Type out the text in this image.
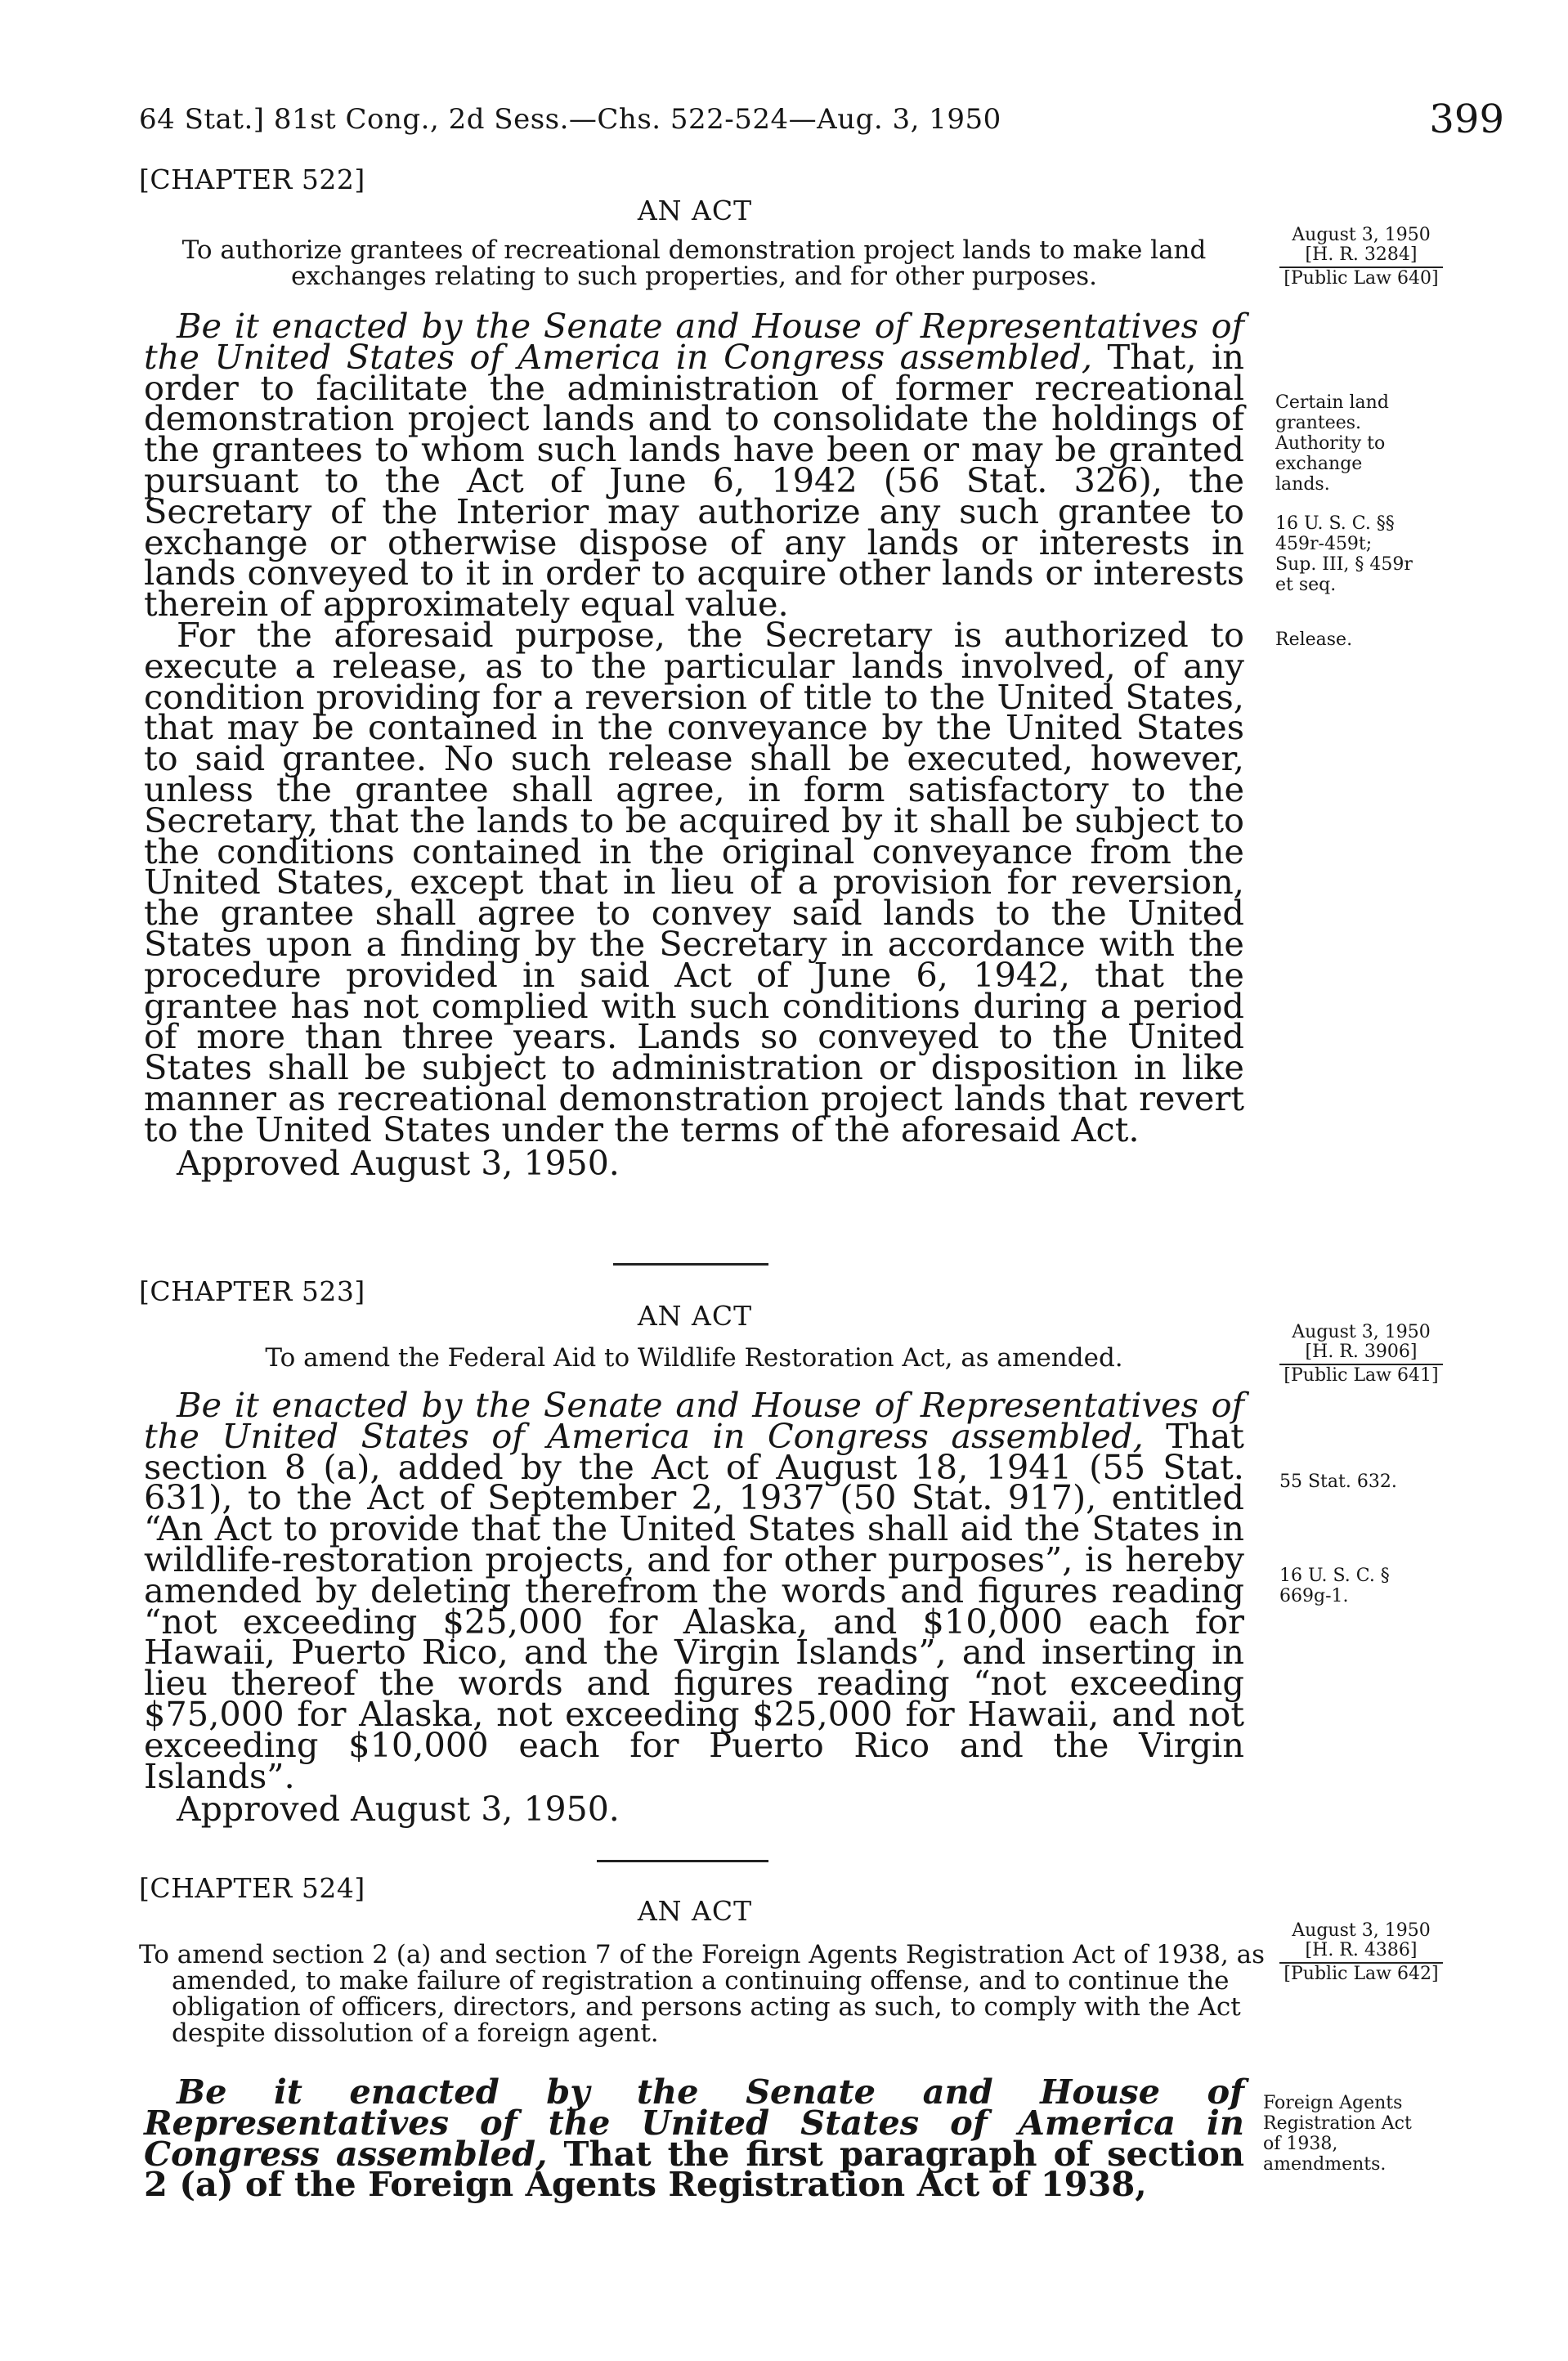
64 Stat.] 81st Cong., 2d Sess.—Chs. 522-524—Aug. 3, 1950	399
[CHAPTER 522]
AN ACT
To authorize grantees of recreational demonstration project lands to make land exchanges relating to such properties, and for other purposes.
August 3, 1950
[H. R. 3284]
[Public Law 640]

Be it enacted by the Senate and House of Representatives of the United States of America in Congress assembled, That, in order to facilitate the administration of former recreational demonstration project lands and to consolidate the holdings of the grantees to whom such lands have been or may be granted pursuant to the Act of June 6, 1942 (56 Stat. 326), the Secretary of the Interior may authorize any such grantee to exchange or otherwise dispose of any lands or interests in lands conveyed to it in order to acquire other lands or interests therein of approximately equal value.

For the aforesaid purpose, the Secretary is authorized to execute a release, as to the particular lands involved, of any condition providing for a reversion of title to the United States, that may be contained in the conveyance by the United States to said grantee. No such release shall be executed, however, unless the grantee shall agree, in form satisfactory to the Secretary, that the lands to be acquired by it shall be subject to the conditions contained in the original conveyance from the United States, except that in lieu of a provision for reversion, the grantee shall agree to convey said lands to the United States upon a finding by the Secretary in accordance with the procedure provided in said Act of June 6, 1942, that the grantee has not complied with such conditions during a period of more than three years. Lands so conveyed to the United States shall be subject to administration or disposition in like manner as recreational demonstration project lands that revert to the United States under the terms of the aforesaid Act.

Approved August 3, 1950.
Certain land grantees.
Authority to exchange lands.
16 U. S. C. §§ 459r-459t; Sup. III, § 459r et seq.
Release.
[CHAPTER 523]
AN ACT
To amend the Federal Aid to Wildlife Restoration Act, as amended.
August 3, 1950
[H. R. 3906]
[Public Law 641]

Be it enacted by the Senate and House of Representatives of the United States of America in Congress assembled, That section 8 (a), added by the Act of August 18, 1941 (55 Stat. 631), to the Act of September 2, 1937 (50 Stat. 917), entitled “An Act to provide that the United States shall aid the States in wildlife-restoration projects, and for other purposes”, is hereby amended by deleting therefrom the words and figures reading “not exceeding $25,000 for Alaska, and $10,000 each for Hawaii, Puerto Rico, and the Virgin Islands”, and inserting in lieu thereof the words and figures reading “not exceeding $75,000 for Alaska, not exceeding $25,000 for Hawaii, and not exceeding $10,000 each for Puerto Rico and the Virgin Islands”.

Approved August 3, 1950.
55 Stat. 632.
16 U. S. C. § 669g-1.
[CHAPTER 524]
AN ACT
To amend section 2 (a) and section 7 of the Foreign Agents Registration Act of 1938, as amended, to make failure of registration a continuing offense, and to continue the obligation of officers, directors, and persons acting as such, to comply with the Act despite dissolution of a foreign agent.
August 3, 1950
[H. R. 4386]
[Public Law 642]

Be it enacted by the Senate and House of Representatives of the United States of America in Congress assembled, That the first paragraph of section 2 (a) of the Foreign Agents Registration Act of 1938,

Foreign Agents Registration Act of 1938, amendments.
